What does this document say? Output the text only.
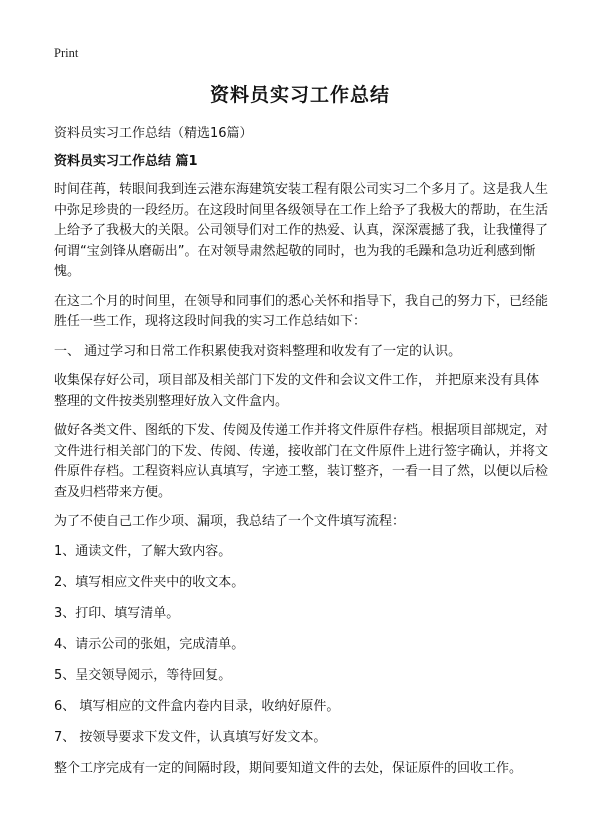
Print
资料员实习工作总结
资料员实习工作总结（精选16篇）
资料员实习工作总结 篇1

时间荏苒，转眼间我到连云港东海建筑安装工程有限公司实习二个多月了。这是我人生中弥足珍贵的一段经历。在这段时间里各级领导在工作上给予了我极大的帮助，在生活上给予了我极大的关限。公司领导们对工作的热爱、认真，深深震撼了我，让我懂得了何谓“宝剑锋从磨砺出”。在对领导肃然起敬的同时，也为我的毛躁和急功近利感到惭愧。

在这二个月的时间里，在领导和同事们的悉心关怀和指导下，我自己的努力下，已经能胜任一些工作，现将这段时间我的实习工作总结如下：

一、 通过学习和日常工作积累使我对资料整理和收发有了一定的认识。

收集保存好公司，项目部及相关部门下发的文件和会议文件工作， 并把原来没有具体整理的文件按类别整理好放入文件盒内。

做好各类文件、图纸的下发、传阅及传递工作并将文件原件存档。根据项目部规定，对文件进行相关部门的下发、传阅、传递，接收部门在文件原件上进行签字确认，并将文件原件存档。工程资料应认真填写，字迹工整，装订整齐，一看一目了然，以便以后检查及归档带来方便。

为了不使自己工作少项、漏项，我总结了一个文件填写流程：

1、通读文件，了解大致内容。
2、填写相应文件夹中的收文本。
3、打印、填写清单。
4、请示公司的张姐，完成清单。
5、呈交领导阅示，等待回复。
6、 填写相应的文件盒内卷内目录，收纳好原件。
7、 按领导要求下发文件，认真填写好发文本。

整个工序完成有一定的间隔时段，期间要知道文件的去处，保证原件的回收工作。
